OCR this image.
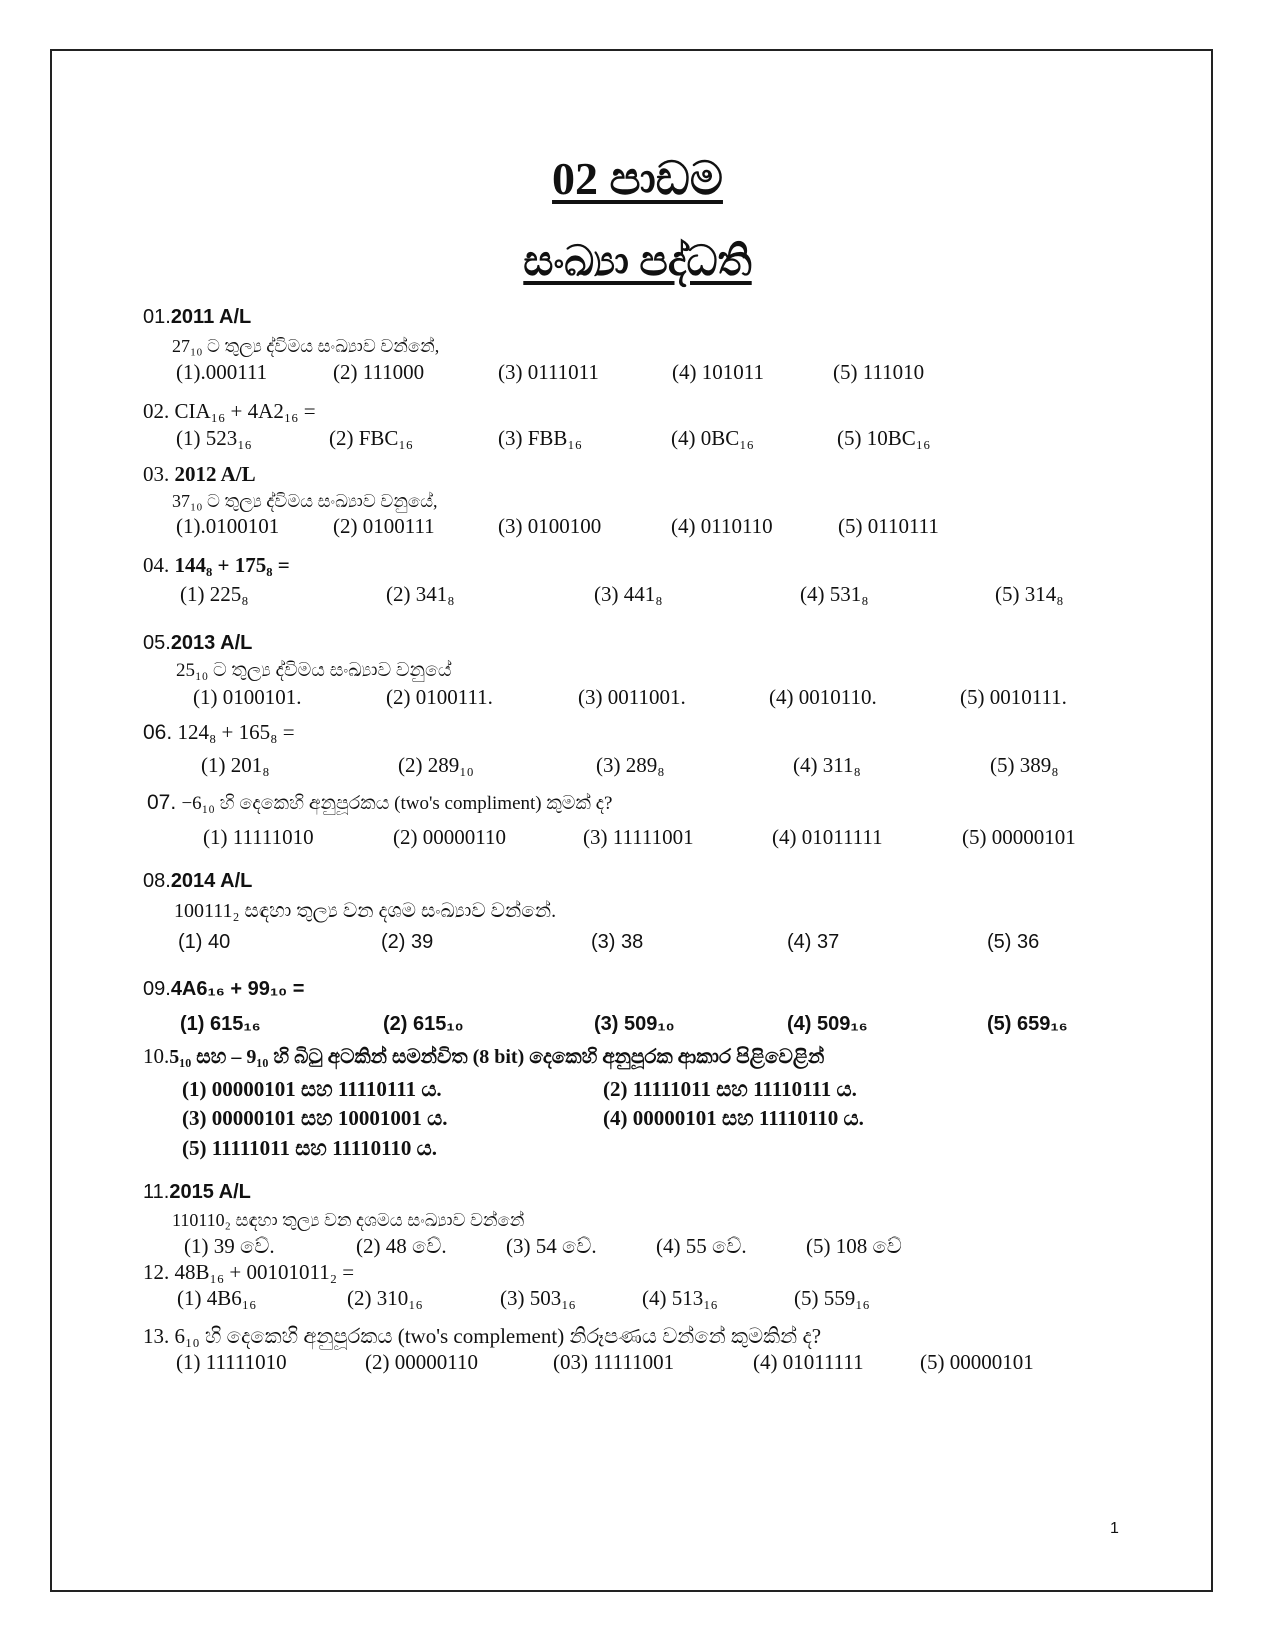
02 පාඩම
සංඛ්‍යා පද්ධති
01.2011 A/L
27₁₀ ට තුල්‍ය ද්විමය සංඛ්‍යාව වන්නේ,
(1).000111	(2) 111000	(3) 0111011	(4) 101011	(5) 111010
02. CIA₁₆ + 4A2₁₆ =
(1) 523₁₆	(2) FBC₁₆	(3) FBB₁₆	(4) 0BC₁₆	(5) 10BC₁₆
03. 2012 A/L
37₁₀ ට තුල්‍ය ද්විමය සංඛ්‍යාව වනුයේ,
(1).0100101	(2) 0100111	(3) 0100100	(4) 0110110	(5) 0110111
04. 144₈ + 175₈ =
(1) 225₈	(2) 341₈	(3) 441₈	(4) 531₈	(5) 314₈
05.2013 A/L
25₁₀ ට තුල්‍ය ද්විමය සංඛ්‍යාව වනුයේ
(1) 0100101.	(2) 0100111.	(3) 0011001.	(4) 0010110.	(5) 0010111.
06. 124₈ + 165₈ =
(1) 201₈	(2) 289₁₀	(3) 289₈	(4) 311₈	(5) 389₈
07. −6₁₀ හි දෙකෙහි අනුපූරකය (two's compliment) කුමක් ද?
(1) 11111010	(2) 00000110	(3) 11111001	(4) 01011111	(5) 00000101
08.2014 A/L
100111₂ සඳහා තුල්‍ය වන දශම සංඛ්‍යාව වන්නේ.
(1) 40	(2) 39	(3) 38	(4) 37	(5) 36
09.4A6₁₆ + 99₁₀ =
(1) 615₁₆	(2) 615₁₀	(3) 509₁₀	(4) 509₁₆	(5) 659₁₆
10.5₁₀ සහ – 9₁₀ හි බිටු අටකින් සමන්විත (8 bit) දෙකෙහි අනුපූරක ආකාර පිළිවෙළින්
(1) 00000101 සහ 11110111 ය.	(2) 11111011 සහ 11110111 ය.
(3) 00000101 සහ 10001001 ය.	(4) 00000101 සහ 11110110 ය.
(5) 11111011 සහ 11110110 ය.
11.2015 A/L
110110₂ සඳහා තුල්‍ය වන දශමය සංඛ්‍යාව වන්නේ
(1) 39 වේ.	(2) 48 වේ.	(3) 54 වේ.	(4) 55 වේ.	(5) 108 වේ
12. 48B₁₆ + 00101011₂ =
(1) 4B6₁₆	(2) 310₁₆	(3) 503₁₆	(4) 513₁₆	(5) 559₁₆
13. 6₁₀ හි දෙකෙහි අනුපූරකය (two's complement) නිරූපණය වන්නේ කුමකින් ද?
(1) 11111010	(2) 00000110	(03) 11111001	(4) 01011111	(5) 00000101
1
